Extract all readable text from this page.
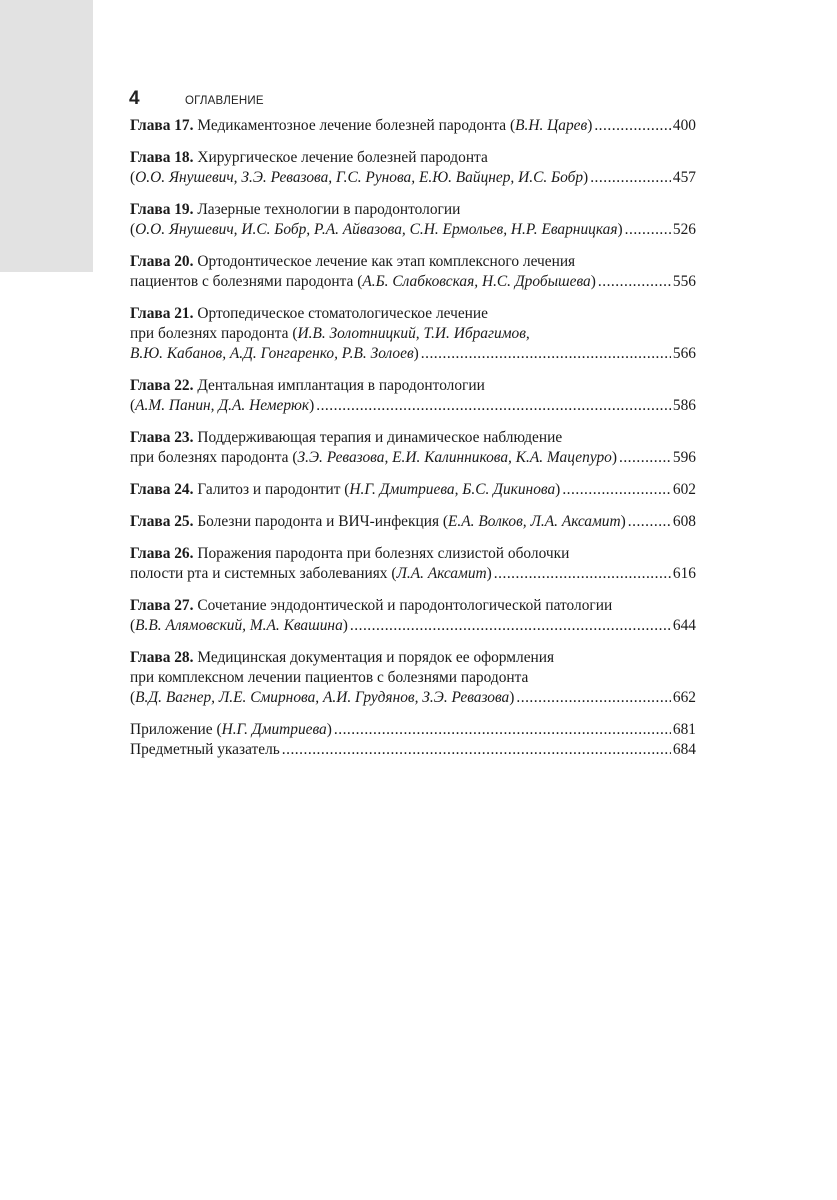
4	ОГЛАВЛЕНИЕ
Глава 17. Медикаментозное лечение болезней пародонта (В.Н. Царев) .....	400
Глава 18. Хирургическое лечение болезней пародонта
(О.О. Янушевич, З.Э. Ревазова, Г.С. Рунова, Е.Ю. Вайцнер, И.С. Бобр) .....	457
Глава 19. Лазерные технологии в пародонтологии
(О.О. Янушевич, И.С. Бобр, Р.А. Айвазова, С.Н. Ермольев, Н.Р. Еварницкая) .....	526
Глава 20. Ортодонтическое лечение как этап комплексного лечения
пациентов с болезнями пародонта (А.Б. Слабковская, Н.С. Дробышева) .....	556
Глава 21. Ортопедическое стоматологическое лечение
при болезнях пародонта (И.В. Золотницкий, Т.И. Ибрагимов,
В.Ю. Кабанов, А.Д. Гонгаренко, Р.В. Золоев) .....	566
Глава 22. Дентальная имплантация в пародонтологии
(А.М. Панин, Д.А. Немерюк) .....	586
Глава 23. Поддерживающая терапия и динамическое наблюдение
при болезнях пародонта (З.Э. Ревазова, Е.И. Калинникова, К.А. Мацепуро) .....	596
Глава 24. Галитоз и пародонтит (Н.Г. Дмитриева, Б.С. Дикинова) .....	602
Глава 25. Болезни пародонта и ВИЧ-инфекция (Е.А. Волков, Л.А. Аксамит) .....	608
Глава 26. Поражения пародонта при болезнях слизистой оболочки
полости рта и системных заболеваниях (Л.А. Аксамит) .....	616
Глава 27. Сочетание эндодонтической и пародонтологической патологии
(В.В. Алямовский, М.А. Квашина) .....	644
Глава 28. Медицинская документация и порядок ее оформления
при комплексном лечении пациентов с болезнями пародонта
(В.Д. Вагнер, Л.Е. Смирнова, А.И. Грудянов, З.Э. Ревазова) .....	662
Приложение (Н.Г. Дмитриева) .....	681
Предметный указатель .....	684
